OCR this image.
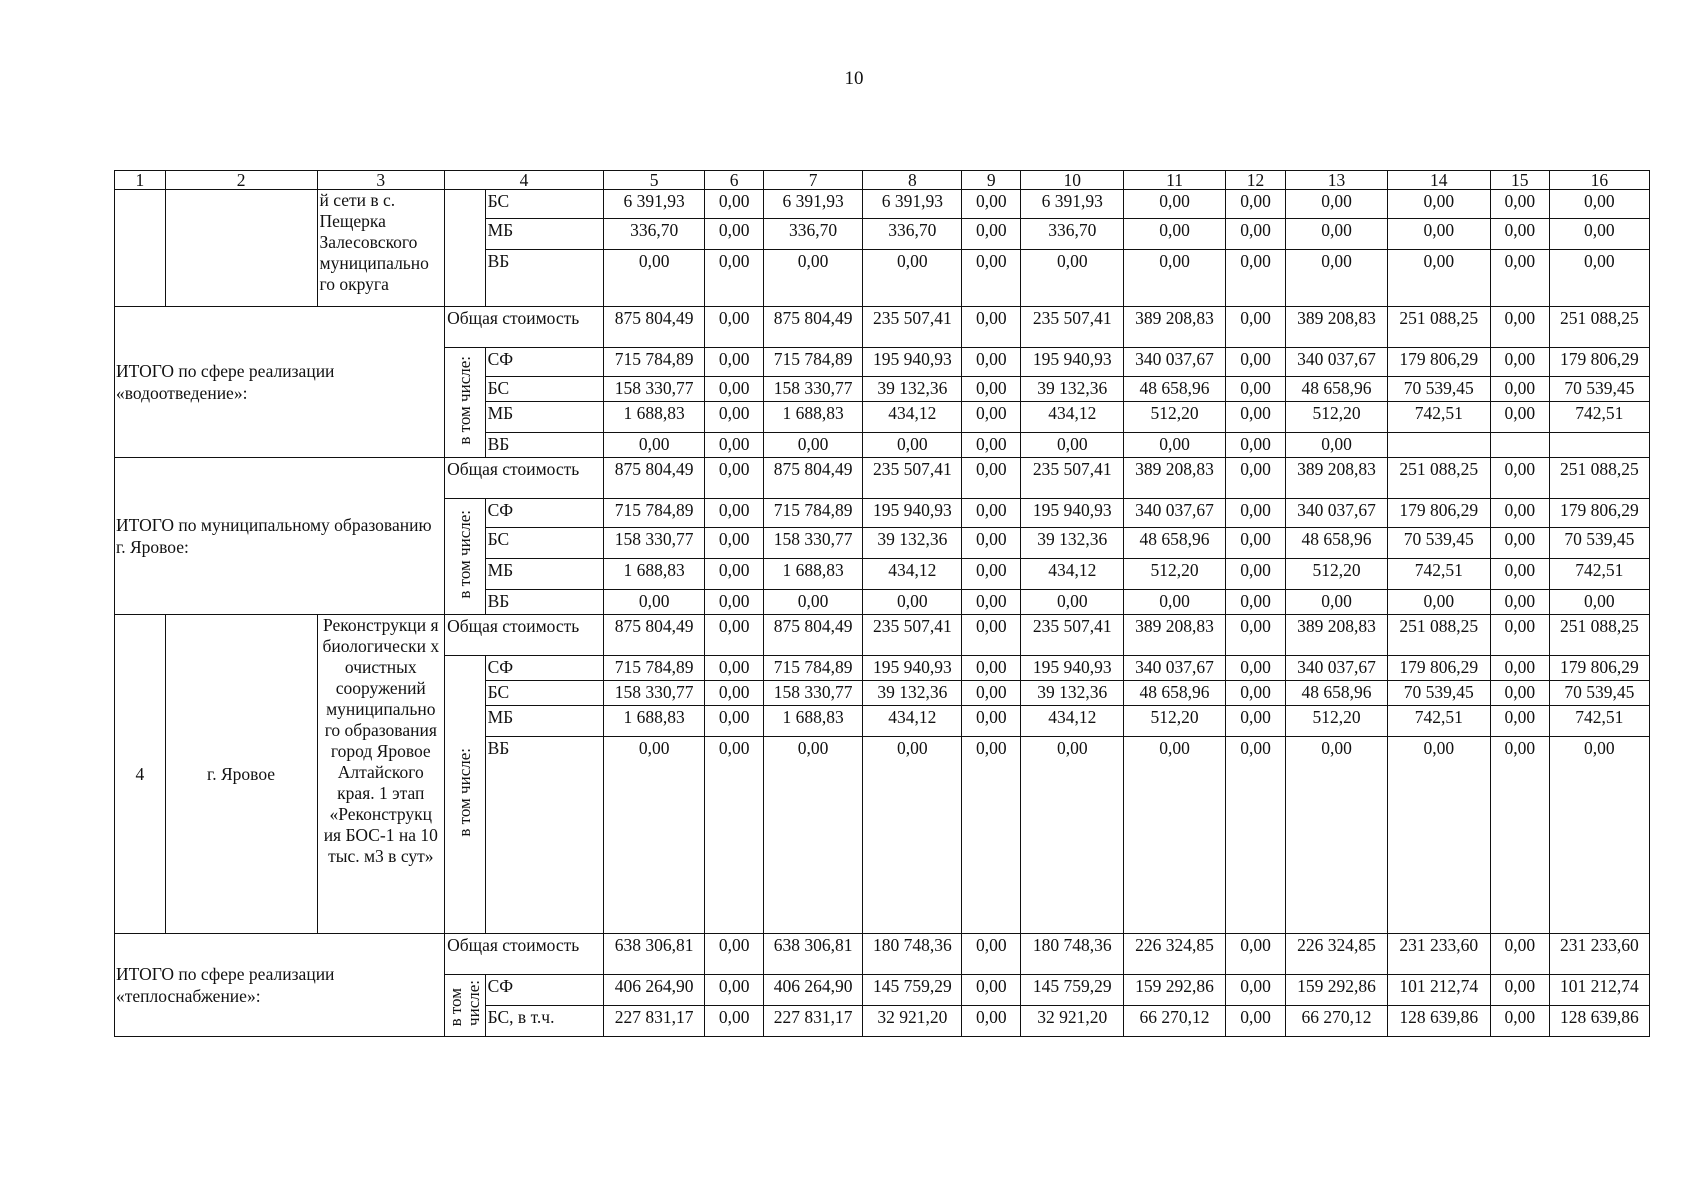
10
1	2	3	4		5	6	7	8	9	10	11	12	13	14	15	16
		й сети в с. Пещерка Залесовского муниципально го округа		БС	6 391,93	0,00	6 391,93	6 391,93	0,00	6 391,93	0,00	0,00	0,00	0,00	0,00	0,00
				МБ	336,70	0,00	336,70	336,70	0,00	336,70	0,00	0,00	0,00	0,00	0,00	0,00
				ВБ	0,00	0,00	0,00	0,00	0,00	0,00	0,00	0,00	0,00	0,00	0,00	0,00
ИТОГО по сфере реализации «водоотведение»:			Общая стоимость		875 804,49	0,00	875 804,49	235 507,41	0,00	235 507,41	389 208,83	0,00	389 208,83	251 088,25	0,00	251 088,25
			в том числе:	СФ	715 784,89	0,00	715 784,89	195 940,93	0,00	195 940,93	340 037,67	0,00	340 037,67	179 806,29	0,00	179 806,29
				БС	158 330,77	0,00	158 330,77	39 132,36	0,00	39 132,36	48 658,96	0,00	48 658,96	70 539,45	0,00	70 539,45
				МБ	1 688,83	0,00	1 688,83	434,12	0,00	434,12	512,20	0,00	512,20	742,51	0,00	742,51
				ВБ	0,00	0,00	0,00	0,00	0,00	0,00	0,00	0,00	0,00			
ИТОГО по муниципальному образованию г. Яровое:			Общая стоимость		875 804,49	0,00	875 804,49	235 507,41	0,00	235 507,41	389 208,83	0,00	389 208,83	251 088,25	0,00	251 088,25
			в том числе:	СФ	715 784,89	0,00	715 784,89	195 940,93	0,00	195 940,93	340 037,67	0,00	340 037,67	179 806,29	0,00	179 806,29
				БС	158 330,77	0,00	158 330,77	39 132,36	0,00	39 132,36	48 658,96	0,00	48 658,96	70 539,45	0,00	70 539,45
				МБ	1 688,83	0,00	1 688,83	434,12	0,00	434,12	512,20	0,00	512,20	742,51	0,00	742,51
				ВБ	0,00	0,00	0,00	0,00	0,00	0,00	0,00	0,00	0,00	0,00	0,00	0,00
4	г. Яровое	Реконструкци я биологически х очистных сооружений муниципально го образования город Яровое Алтайского края. 1 этап «Реконструкц ия БОС-1 на 10 тыс. м3 в сут»	Общая стоимость		875 804,49	0,00	875 804,49	235 507,41	0,00	235 507,41	389 208,83	0,00	389 208,83	251 088,25	0,00	251 088,25
			в том числе:	СФ	715 784,89	0,00	715 784,89	195 940,93	0,00	195 940,93	340 037,67	0,00	340 037,67	179 806,29	0,00	179 806,29
				БС	158 330,77	0,00	158 330,77	39 132,36	0,00	39 132,36	48 658,96	0,00	48 658,96	70 539,45	0,00	70 539,45
				МБ	1 688,83	0,00	1 688,83	434,12	0,00	434,12	512,20	0,00	512,20	742,51	0,00	742,51
				ВБ	0,00	0,00	0,00	0,00	0,00	0,00	0,00	0,00	0,00	0,00	0,00	0,00
ИТОГО по сфере реализации «теплоснабжение»:			Общая стоимость		638 306,81	0,00	638 306,81	180 748,36	0,00	180 748,36	226 324,85	0,00	226 324,85	231 233,60	0,00	231 233,60
			в томчисле:	СФ	406 264,90	0,00	406 264,90	145 759,29	0,00	145 759,29	159 292,86	0,00	159 292,86	101 212,74	0,00	101 212,74
				БС, в т.ч.	227 831,17	0,00	227 831,17	32 921,20	0,00	32 921,20	66 270,12	0,00	66 270,12	128 639,86	0,00	128 639,86
